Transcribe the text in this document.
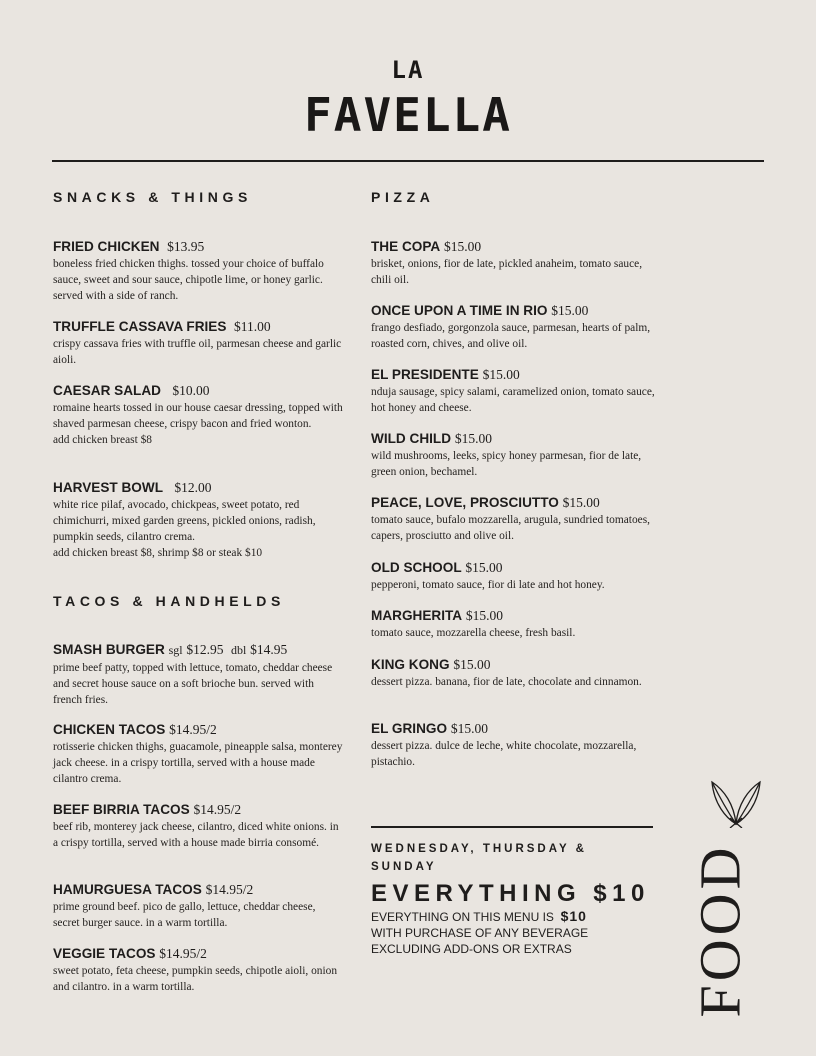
LA
FAVELLA
SNACKS & THINGS
FRIED CHICKEN $13.95
boneless fried chicken thighs. tossed your choice of buffalo sauce, sweet and sour sauce, chipotle lime, or honey garlic. served with a side of ranch.
TRUFFLE CASSAVA FRIES $11.00
crispy cassava fries with truffle oil, parmesan cheese and garlic aioli.
CAESAR SALAD $10.00
romaine hearts tossed in our house caesar dressing, topped with shaved parmesan cheese, crispy bacon and fried wonton.
add chicken breast $8
HARVEST BOWL $12.00
white rice pilaf, avocado, chickpeas, sweet potato, red chimichurri, mixed garden greens, pickled onions, radish, pumpkin seeds, cilantro crema.
add chicken breast $8, shrimp $8 or steak $10
TACOS & HANDHELDS
SMASH BURGER sgl $12.95 dbl $14.95
prime beef patty, topped with lettuce, tomato, cheddar cheese and secret house sauce on a soft brioche bun. served with french fries.
CHICKEN TACOS $14.95/2
rotisserie chicken thighs, guacamole, pineapple salsa, monterey jack cheese. in a crispy tortilla, served with a house made cilantro crema.
BEEF BIRRIA TACOS $14.95/2
beef rib, monterey jack cheese, cilantro, diced white onions. in a crispy tortilla, served with a house made birria consomé.
HAMURGUESA TACOS $14.95/2
prime ground beef. pico de gallo, lettuce, cheddar cheese, secret burger sauce. in a warm tortilla.
VEGGIE TACOS $14.95/2
sweet potato, feta cheese, pumpkin seeds, chipotle aioli, onion and cilantro. in a warm tortilla.
PIZZA
THE COPA $15.00
brisket, onions, fior de late, pickled anaheim, tomato sauce, chili oil.
ONCE UPON A TIME IN RIO $15.00
frango desfiado, gorgonzola sauce, parmesan, hearts of palm, roasted corn, chives, and olive oil.
EL PRESIDENTE $15.00
nduja sausage, spicy salami, caramelized onion, tomato sauce, hot honey and cheese.
WILD CHILD $15.00
wild mushrooms, leeks, spicy honey parmesan, fior de late, green onion, bechamel.
PEACE, LOVE, PROSCIUTTO $15.00
tomato sauce, bufalo mozzarella, arugula, sundried tomatoes, capers, prosciutto and olive oil.
OLD SCHOOL $15.00
pepperoni, tomato sauce, fior di late and hot honey.
MARGHERITA $15.00
tomato sauce, mozzarella cheese, fresh basil.
KING KONG $15.00
dessert pizza. banana, fior de late, chocolate and cinnamon.
EL GRINGO $15.00
dessert pizza. dulce de leche, white chocolate, mozzarella, pistachio.
WEDNESDAY, THURSDAY & SUNDAY
EVERYTHING $10
EVERYTHING ON THIS MENU IS $10
WITH PURCHASE OF ANY BEVERAGE
EXCLUDING ADD-ONS OR EXTRAS	FOOD
